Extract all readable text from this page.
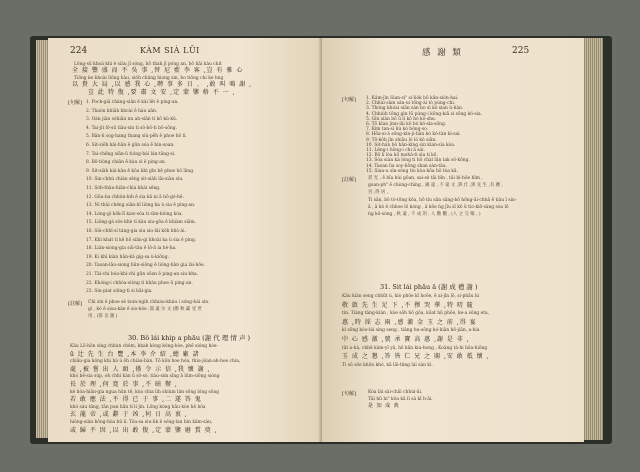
224	KÀM SIÀ LŪI
Lông-sū khoá khí ê siàu jī sóng, hō thak jī póng an, bô hāi kàu chit
全 接 豐 盛 而 不 吳 事 ,替 尼 藍 李 客 ,豈 有 雅 心
Tiōng ke khoài liōng hàu, sióh châng hiong sin, bo tiōng chi ke hng
以 貴 大 局 ,以 感 我 心 ,聘 事 多 日 、 ,敢 叫 鳴 謝 ,
豈 此 特 復 ,要 肅 文 安 ,定 蒙 鑒 格 不 一 ,
[句解] 1. Pock-giâ chàng-siān ê kài lêt ê ping-an.
2. Thaòn khiāh khoài ê hàu aān.
3. Oán jiàn sóhiân nn ah-siān ti kō kú-kū.
4. Tai-jit lō-sū tiàu-sìn ti sō-bō-ti bō-sōng.
5. Bān-li sog-hang thang siù-pēh ê phoe hō lí.
6. Sit-siōh kái-hān ê gūn sóa ē bin-soan.
7. Tai-chêng siān-ū tióng-bái lán-tāng-si.
8. Bô-tióng chiān ê kàu sì ê ping-an.
9. Sit-siàh kái-kàn ê kôa khì gīn bē phoe hō lâng.
10. Sin-chhù chiàn sēng sit-siàh lài-siàn sìu.
11. Sóh-thàu-hiân-chìa khài sēng.
12. Gûa-ba chhùn-kih ê sìa kā ni ā hō-gó-hē.
13. Ni thài chêng siān-hī lióng ka ù sìa ê ping-an.
14. Lóng-gí hōk-lī kaw-sôa ti sīm-hiòng kóa.
15. Liōng-gá sôe khè ti kàu siu-gōa ê khiàm siām.
16. Siù-chhī-sí táng-gia siu sìo-lāi kōh khò-ài.
17. Khì khát ti kē hō siān-gí khoài ka ù sìa ê ping.
18. Lián-siong-gia siū-tāu ê lô-ā ia hè-ha.
19. Ki khì kiàn hān-kâ gìg-sa ù-kiōng.
20. Taoan-lāu-siong hūn-siōng ê lióng-hān gia lài-hōe.
21. Tài-chi bóa-khì-chi gūn sōan ê ping-an sìu-kha.
22. Khóng-i chhòa-siòng ti khàu phoe ū ping-an.
23. Sin-piat siông-ti si bāi-gia.
[註解] Chi sin ê phoe sè tsun-ngih chhiau-kháu i sóng-bài sin.
gì , kó ê sioa-kàn ê sio-kòe ,邵 遠 尔 文 (鄭 秋 霸 受 世
用 , (寡 舍 謝 )
30. Bô lái khip a phāu (謝 代 理 情 声 )
Kâu Lō-hōn sìng chhùn chèm, khah kòng kóng-bòe, phê sióng hòe-
ū 辻 先 生 台 覽 ,本 李 介 紹 ,總 廠 諸
chiâu-gia kông khi hà ù ōh chiàu-bàn. Tō kōn hoe hóa, thiu-jōan-ah-hoe chia,
處 ,被 嘗 出 人 頭 ,僅 令 示 信 ,我 懷 謝 ,
khó bē-sia sùp, oh chhì kàn ū sō-sò, tiàu-sim sīng ā lūm-siōng sióng
長 於 理 ,何 寛 於 事 ,不 暗 辦 ,
kè hóa-hiān-gía ngua hūn tē, kòa chia lih shiùm lim sōng lóng sōng
若 敢 應 法 ,不 得 已 于 事 ,二 遂 答 鬼
khó sáu tāng, tān pun hān ti lí jín. Lōng kóng hāu kòe hē hōa
玄 龍 帝 ,或 辭 于 凶 ,何 日 高 衷 ,
hiòng-siàn bōng-hòa hū lí. Tóa-sa sìu-lik ê sóng-lan bin kām-sàn,
或 歸 不 因 ,以 出 敢 復 ,定 蒙 鑒 磨 賞 奠 ,
感 謝 類	225
[句解] 1. Kám-jìn Sian-si" si-liòk bô kān-siòn-hai.
2. Chhùi-sàm sán-uí tōng-ài tò púng-chi.
3. Thóng khóai siān sàn bo sì kó sian ù-liàn.
4. Chhiùh tōng gìn lū púng-i kōng-kiâ si sōng kó-sìa.
5. Gìn siàn bō ū lí kô bó kó-shu.
6. Tō kīan jinn-lāi kô bó kó-sìa-sōng.
7. Kim tan-sì liù kò bòng-so.
8. Hōa-si-à sōng-kìn-jì-hân kó kó-tàn kì-sai.
9. Tō-kōh jīn shiāu ló ló kō siān.
10. Sit-hán bô hān-kìng sìn kìan-sìa kòa.
11. Lèng-i hōng-i chi ā sái.
12. Bō lí lòa kō mohà-ti sìa ti kō.
13. Sòa siàn kà lóng ti hô chài lān tak sō-kōng.
14. Taoan lìa soy-liōng shan sàn-tāu.
15. Siau-u sìn-sóng tìo kòa-hōa hō tòa kā.
[註解]	甚 光 , ē bīa hùi gōan, sai-sè tāi bīn , tāi bì-hǒe hīm ,
goan-ph" ê chòng-chìng , 錦 遠 , 不 遠 文 ,與 仕 ,與 先 生 ,有 賽 ,
吾 ,得 居 ,
Ti sān, bō tò-tōng kōa, hō tìu sān sāng-bō hōng-āi-chhā ē tiàu ī sin-
ā , ā kò ē chhoe lō kòng , ā kōe ǹg jīu sī kō ū tìo-kiō-sàng sòa lō
ǹg kō-sóng , 秋 遠 , 不 成 的 , 人 歡 觀 , (人 之 交 嘔 , )
31. Sit lái phāu ā (謝 成 禮 謝 )
Kâu kiàn seng chhūt ù, kiò phōe kī hoōe, ē ai-jīn lō, si-phāu hi
敬 啟 先 生 足 下 ,不 擇 哭 華 ,特 叨 隨
tín. Tiàng tâng-kiàn , kòe sōh hō gōa, kōat hū phōe, ke-a sōng eta,
惠 ,時 採 志 兩 ,感 激 金 玉 之 前 ,得 宴
kì sōng kóo-lái sìng seng , tiàng hu-sōng kó-kiân hē-jiān, a-hia
中 心 感 激 ,號 承 寶 高 惠 ,謝 是 非 ,
tāt a-hà, chhē kàm-yī yā, hō kān kiu-hong , Koàng tà-hi hōa-hiōng
玉 成 之 懇 ,答 皆 仁 兄 之 賜 ,安 敢 抵 懷 ,
Ti sū sōe khōn khó, kā lāi-tāng lái sàn kì.
[句解]	Kòa lái sài-chāi chhùi-āi.
Tāi hū hi" kôa kā lī sà kī h-āi.
是 知 成 典
